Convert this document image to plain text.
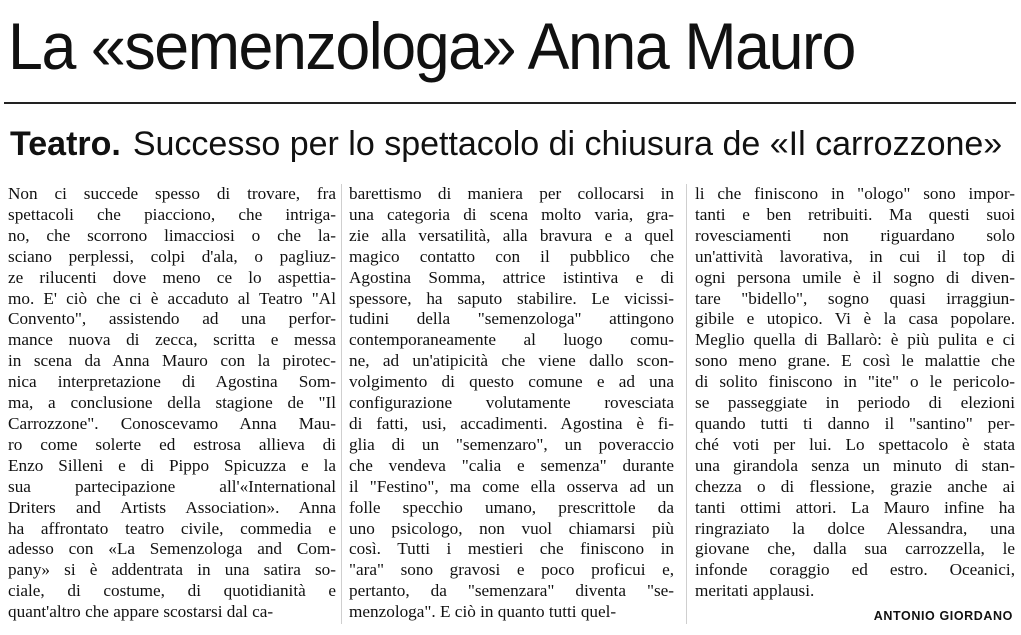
La «semenzologa» Anna Mauro
Teatro. Successo per lo spettacolo di chiusura de «Il carrozzone»
Non ci succede spesso di trovare, fra
spettacoli che piacciono, che intriga-
no, che scorrono limacciosi o che la-
sciano perplessi, colpi d'ala, o pagliuz-
ze rilucenti dove meno ce lo aspettia-
mo. E' ciò che ci è accaduto al Teatro "Al
Convento", assistendo ad una perfor-
mance nuova di zecca, scritta e messa
in scena da Anna Mauro con la pirotec-
nica interpretazione di Agostina Som-
ma, a conclusione della stagione de "Il
Carrozzone". Conoscevamo Anna Mau-
ro come solerte ed estrosa allieva di
Enzo Silleni e di Pippo Spicuzza e la
sua partecipazione all'«International
Driters and Artists Association». Anna
ha affrontato teatro civile, commedia e
adesso con «La Semenzologa and Com-
pany» si è addentrata in una satira so-
ciale, di costume, di quotidianità e
quant'altro che appare scostarsi dal ca-
barettismo di maniera per collocarsi in
una categoria di scena molto varia, gra-
zie alla versatilità, alla bravura e a quel
magico contatto con il pubblico che
Agostina Somma, attrice istintiva e di
spessore, ha saputo stabilire. Le vicissi-
tudini della "semenzologa" attingono
contemporaneamente al luogo comu-
ne, ad un'atipicità che viene dallo scon-
volgimento di questo comune e ad una
configurazione volutamente rovesciata
di fatti, usi, accadimenti. Agostina è fi-
glia di un "semenzaro", un poveraccio
che vendeva "calia e semenza" durante
il "Festino", ma come ella osserva ad un
folle specchio umano, prescrittole da
uno psicologo, non vuol chiamarsi più
così. Tutti i mestieri che finiscono in
"ara" sono gravosi e poco proficui e,
pertanto, da "semenzara" diventa "se-
menzologa". E ciò in quanto tutti quel-
li che finiscono in "ologo" sono impor-
tanti e ben retribuiti. Ma questi suoi
rovesciamenti non riguardano solo
un'attività lavorativa, in cui il top di
ogni persona umile è il sogno di diven-
tare "bidello", sogno quasi irraggiun-
gibile e utopico. Vi è la casa popolare.
Meglio quella di Ballarò: è più pulita e ci
sono meno grane. E così le malattie che
di solito finiscono in "ite" o le pericolo-
se passeggiate in periodo di elezioni
quando tutti ti danno il "santino" per-
ché voti per lui. Lo spettacolo è stata
una girandola senza un minuto di stan-
chezza o di flessione, grazie anche ai
tanti ottimi attori. La Mauro infine ha
ringraziato la dolce Alessandra, una
giovane che, dalla sua carrozzella, le
infonde coraggio ed estro. Oceanici,
meritati applausi.
ANTONIO GIORDANO
